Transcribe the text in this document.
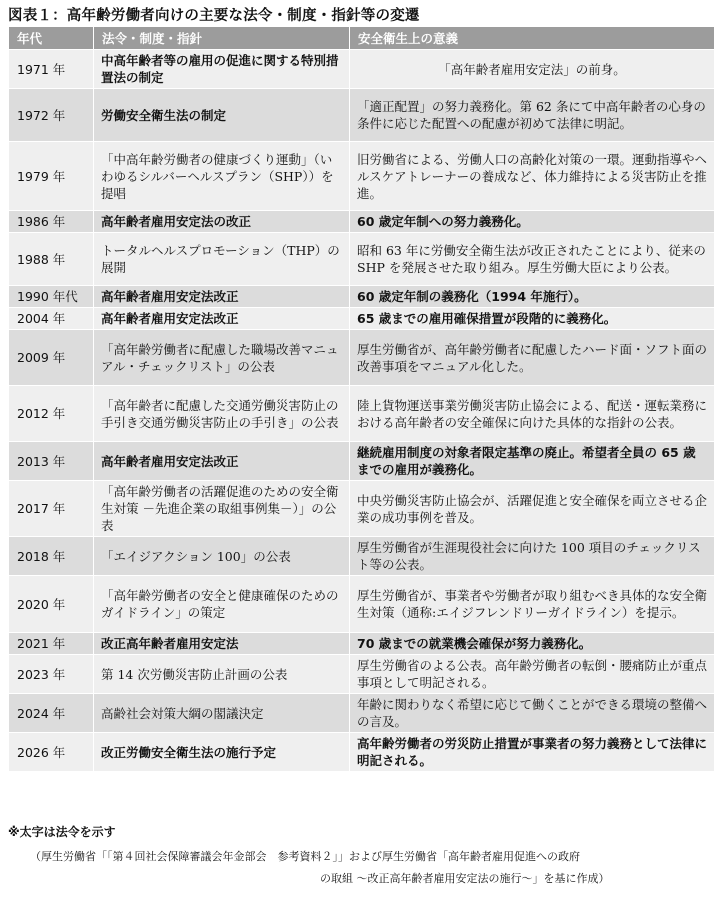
図表１：高年齢労働者向けの主要な法令・制度・指針等の変遷
年代	法令・制度・指針	安全衛生上の意義
1971 年	中高年齢者等の雇用の促進に関する特別措置法の制定	「高年齢者雇用安定法」の前身。
1972 年	労働安全衛生法の制定	「適正配置」の努力義務化。第 62 条にて中高年齢者の心身の条件に応じた配置への配慮が初めて法律に明記。
1979 年	「中高年齢労働者の健康づくり運動」（いわゆるシルバーヘルスプラン（SHP））を提唱	旧労働省による、労働人口の高齢化対策の一環。運動指導やヘルスケアトレーナーの養成など、体力維持による災害防止を推進。
1986 年	高年齢者雇用安定法の改正	60 歳定年制への努力義務化。
1988 年	トータルヘルスプロモーション（THP）の展開	昭和 63 年に労働安全衛生法が改正されたことにより、従来の SHP を発展させた取り組み。厚生労働大臣により公表。
1990 年代	高年齢者雇用安定法改正	60 歳定年制の義務化（1994 年施行）。
2004 年	高年齢者雇用安定法改正	65 歳までの雇用確保措置が段階的に義務化。
2009 年	「高年齢労働者に配慮した職場改善マニュアル・チェックリスト」の公表	厚生労働省が、高年齢労働者に配慮したハード面・ソフト面の改善事項をマニュアル化した。
2012 年	「高年齢者に配慮した交通労働災害防止の手引き交通労働災害防止の手引き」の公表	陸上貨物運送事業労働災害防止協会による、配送・運転業務における高年齢者の安全確保に向けた具体的な指針の公表。
2013 年	高年齢者雇用安定法改正	継続雇用制度の対象者限定基準の廃止。希望者全員の 65 歳までの雇用が義務化。
2017 年	「高年齢労働者の活躍促進のための安全衛生対策 －先進企業の取組事例集－）」の公表	中央労働災害防止協会が、活躍促進と安全確保を両立させる企業の成功事例を普及。
2018 年	「エイジアクション 100」の公表	厚生労働省が生涯現役社会に向けた 100 項目のチェックリスト等の公表。
2020 年	「高年齢労働者の安全と健康確保のためのガイドライン」の策定	厚生労働省が、事業者や労働者が取り組むべき具体的な安全衛生対策（通称:エイジフレンドリーガイドライン）を提示。
2021 年	改正高年齢者雇用安定法	70 歳までの就業機会確保が努力義務化。
2023 年	第 14 次労働災害防止計画の公表	厚生労働省のよる公表。高年齢労働者の転倒・腰痛防止が重点事項として明記される。
2024 年	高齢社会対策大綱の閣議決定	年齢に関わりなく希望に応じて働くことができる環境の整備への言及。
2026 年	改正労働安全衛生法の施行予定	高年齢労働者の労災防止措置が事業者の努力義務として法律に明記される。
※太字は法令を示す
（厚生労働省「「第４回社会保障審議会年金部会　参考資料２」」および厚生労働省「高年齢者雇用促進への政府
の取組 ～改正高年齢者雇用安定法の施行～」を基に作成）
